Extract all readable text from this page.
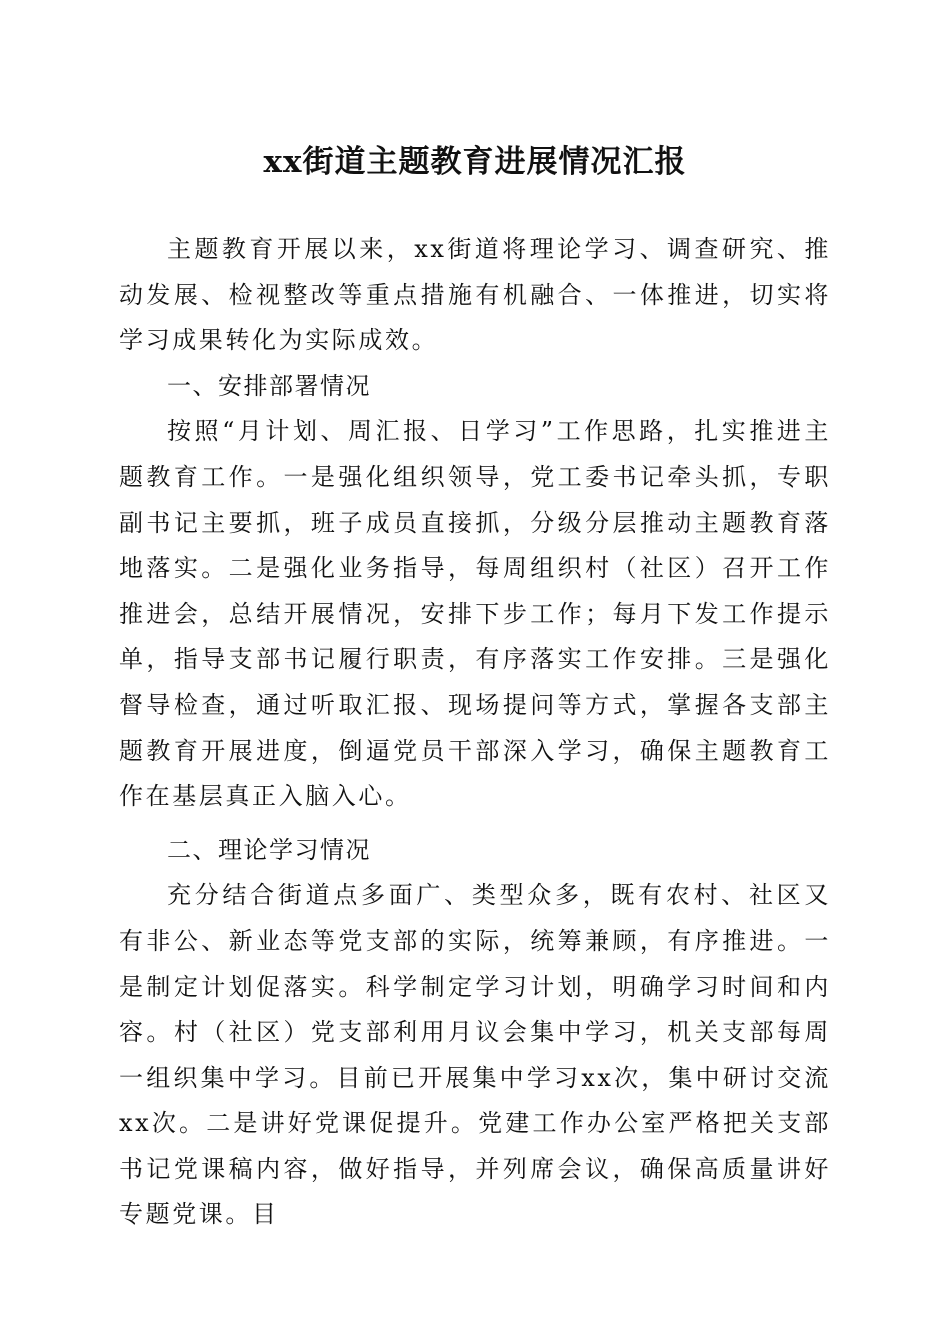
xx街道主题教育进展情况汇报

主题教育开展以来，xx街道将理论学习、调查研究、推动发展、检视整改等重点措施有机融合、一体推进，切实将学习成果转化为实际成效。

一、安排部署情况

按照“月计划、周汇报、日学习”工作思路，扎实推进主题教育工作。一是强化组织领导，党工委书记牵头抓，专职副书记主要抓，班子成员直接抓，分级分层推动主题教育落地落实。二是强化业务指导，每周组织村（社区）召开工作推进会，总结开展情况，安排下步工作；每月下发工作提示单，指导支部书记履行职责，有序落实工作安排。三是强化督导检查，通过听取汇报、现场提问等方式，掌握各支部主题教育开展进度，倒逼党员干部深入学习，确保主题教育工作在基层真正入脑入心。

二、理论学习情况

充分结合街道点多面广、类型众多，既有农村、社区又有非公、新业态等党支部的实际，统筹兼顾，有序推进。一是制定计划促落实。科学制定学习计划，明确学习时间和内容。村（社区）党支部利用月议会集中学习，机关支部每周一组织集中学习。目前已开展集中学习xx次，集中研讨交流xx次。二是讲好党课促提升。党建工作办公室严格把关支部书记党课稿内容，做好指导，并列席会议，确保高质量讲好专题党课。目
